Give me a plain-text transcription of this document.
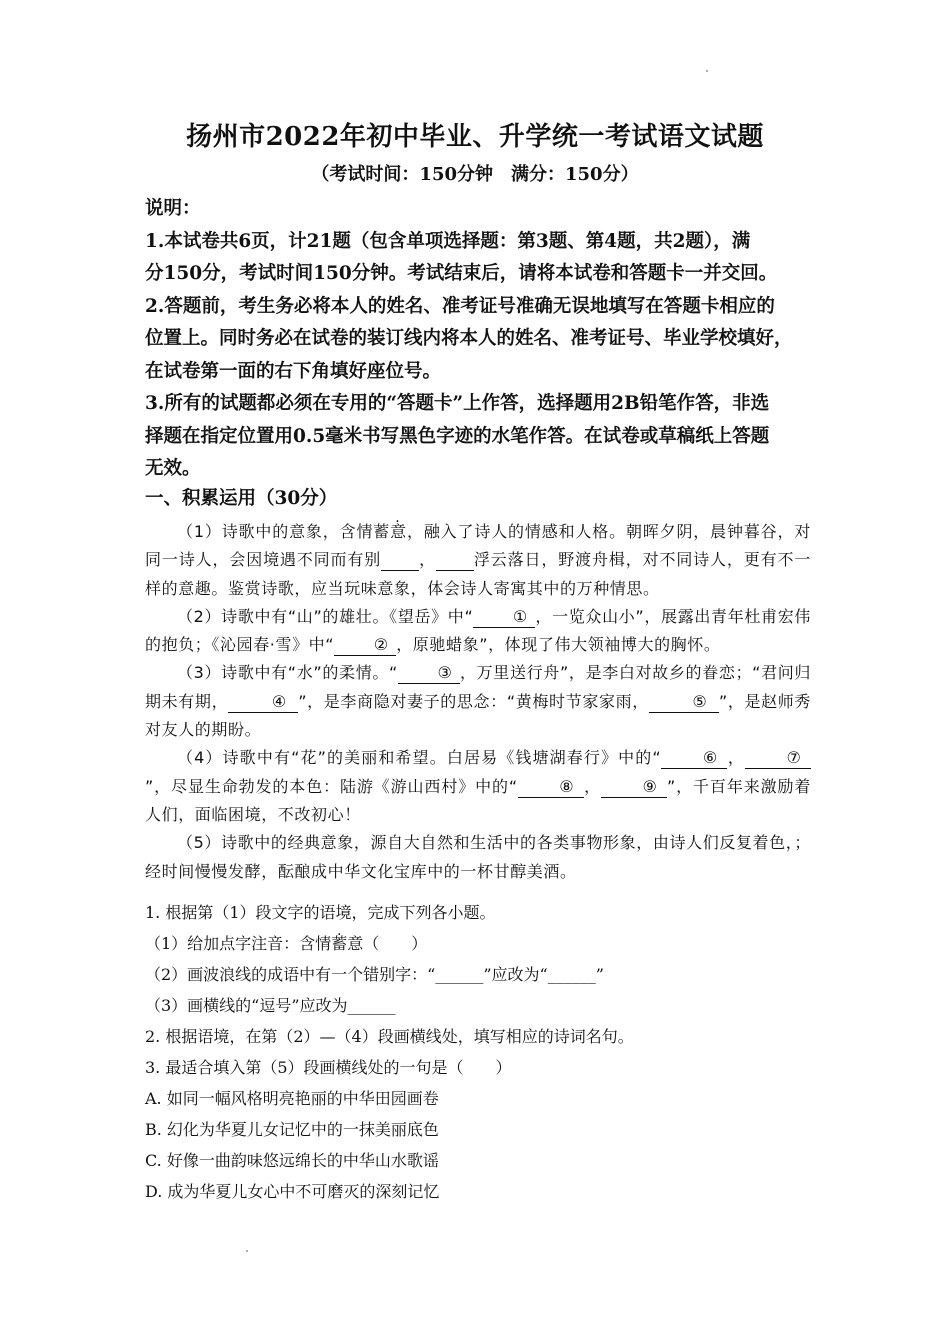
扬州市2022年初中毕业、升学统一考试语文试题
（考试时间：150分钟　满分：150分）

说明：

1.本试卷共6页，计21题（包含单项选择题：第3题、第4题，共2题），满

分150分，考试时间150分钟。考试结束后，请将本试卷和答题卡一并交回。

2.答题前，考生务必将本人的姓名、准考证号准确无误地填写在答题卡相应的

位置上。同时务必在试卷的装订线内将本人的姓名、准考证号、毕业学校填好，

在试卷第一面的右下角填好座位号。

3.所有的试题都必须在专用的“答题卡”上作答，选择题用2B铅笔作答，非选

择题在指定位置用0.5毫米书写黑色字迹的水笔作答。在试卷或草稿纸上答题

无效。

一、积累运用（30分）

（1）诗歌中的意象，含情蓄意，融入了诗人的情感和人格。朝晖夕阴，晨钟暮谷，对同一诗人，会因境遇不同而有别 ， 浮云落日，野渡舟楫，对不同诗人，更有不一样的意趣。鉴赏诗歌，应当玩味意象，体会诗人寄寓其中的万种情思。

（2）诗歌中有“山”的雄壮。《望岳》中“ ① ，一览众山小”，展露出青年杜甫宏伟的抱负；《沁园春·雪》中“ ② ，原驰蜡象”，体现了伟大领袖博大的胸怀。

（3）诗歌中有“水”的柔情。“ ③ ，万里送行舟”，是李白对故乡的眷恋；“君问归期未有期，	④ ”，是李商隐对妻子的思念：“黄梅时节家家雨，	⑤ ”，是赵师秀对友人的期盼。

（4）诗歌中有“花”的美丽和希望。白居易《钱塘湖春行》中的“	⑥ ，	⑦”，尽显生命勃发的本色：陆游《游山西村》中的“	⑧ ，	⑨ ”，千百年来激励着人们，面临困境，不改初心！

（5）诗歌中的经典意象，源自大自然和生活中的各类事物形象，由诗人们反复着色，；经时间慢慢发酵，酝酿成中华文化宝库中的一杯甘醇美酒。

1. 根据第（1）段文字的语境，完成下列各小题。

（1）给加点字注音：含情蓄意（　　）

（2）画波浪线的成语中有一个错别字：“______”应改为“______”

（3）画横线的“逗号”应改为______

2. 根据语境，在第（2）—（4）段画横线处，填写相应的诗词名句。

3. 最适合填入第（5）段画横线处的一句是（　　）

A. 如同一幅风格明亮艳丽的中华田园画卷

B. 幻化为华夏儿女记忆中的一抹美丽底色

C. 好像一曲韵味悠远绵长的中华山水歌谣

D. 成为华夏儿女心中不可磨灭的深刻记忆
